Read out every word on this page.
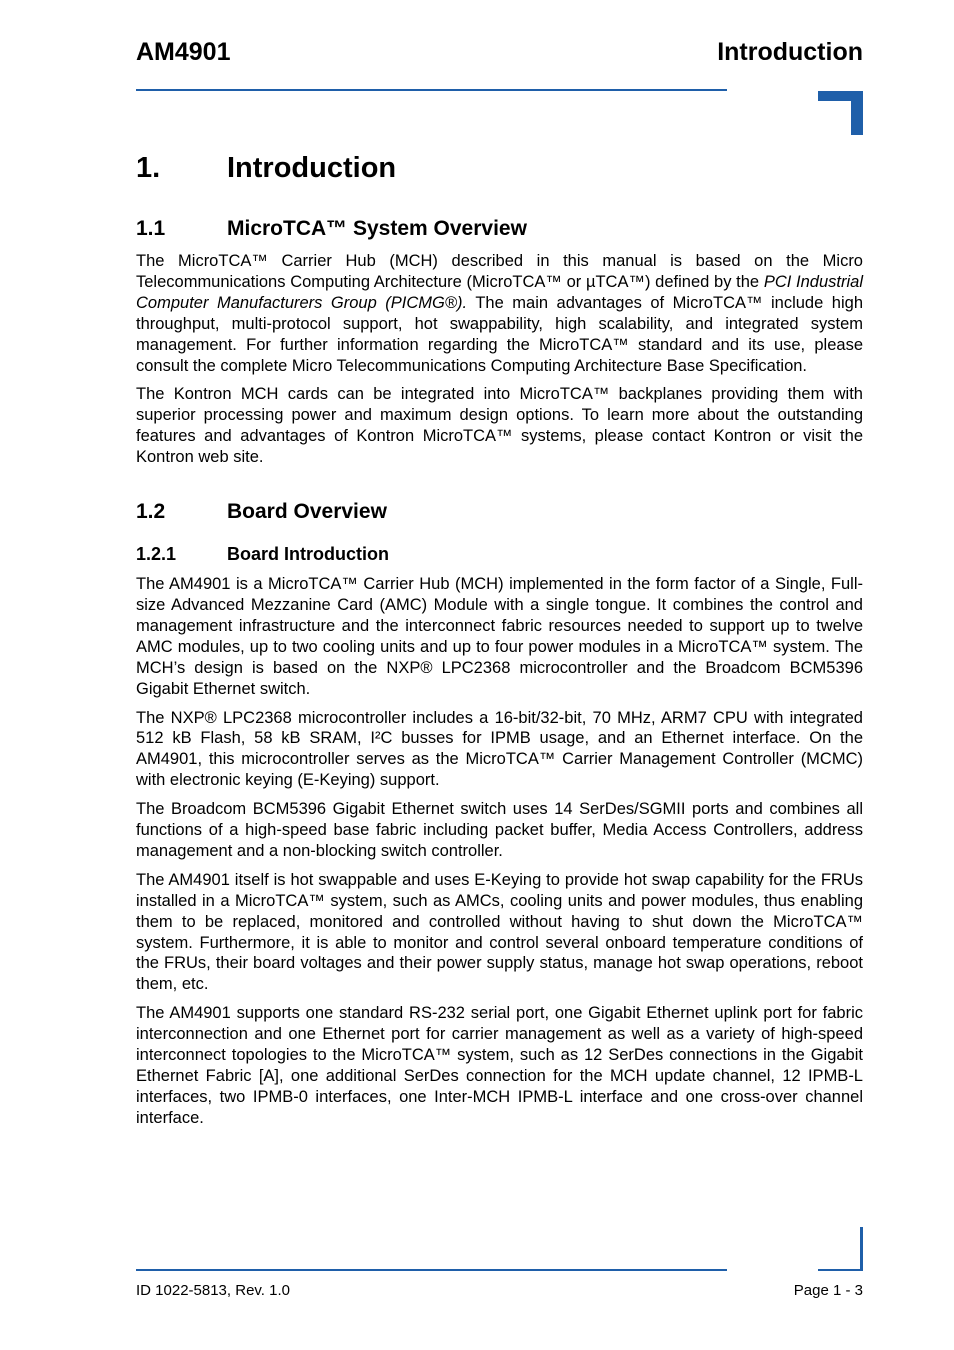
AM4901	Introduction
1.	Introduction
1.1	MicroTCA™ System Overview

The MicroTCA™ Carrier Hub (MCH) described in this manual is based on the Micro Telecommunications Computing Architecture (MicroTCA™ or µTCA™) defined by the PCI Industrial Computer Manufacturers Group (PICMG®). The main advantages of MicroTCA™ include high throughput, multi-protocol support, hot swappability, high scalability, and integrated system management. For further information regarding the MicroTCA™ standard and its use, please consult the complete Micro Telecommunications Computing Architecture Base Specification.

The Kontron MCH cards can be integrated into MicroTCA™ backplanes providing them with superior processing power and maximum design options. To learn more about the outstanding features and advantages of Kontron MicroTCA™ systems, please contact Kontron or visit the Kontron web site.

1.2	Board Overview
1.2.1	Board Introduction

The AM4901 is a MicroTCA™ Carrier Hub (MCH) implemented in the form factor of a Single, Full-size Advanced Mezzanine Card (AMC) Module with a single tongue. It combines the control and management infrastructure and the interconnect fabric resources needed to support up to twelve AMC modules, up to two cooling units and up to four power modules in a MicroTCA™ system. The MCH’s design is based on the NXP® LPC2368 microcontroller and the Broadcom BCM5396 Gigabit Ethernet switch.

The NXP® LPC2368 microcontroller includes a 16-bit/32-bit, 70 MHz, ARM7 CPU with integrated 512 kB Flash, 58 kB SRAM, I²C busses for IPMB usage, and an Ethernet interface. On the AM4901, this microcontroller serves as the MicroTCA™ Carrier Management Controller (MCMC) with electronic keying (E-Keying) support.

The Broadcom BCM5396 Gigabit Ethernet switch uses 14 SerDes/SGMII ports and combines all functions of a high-speed base fabric including packet buffer, Media Access Controllers, address management and a non-blocking switch controller.

The AM4901 itself is hot swappable and uses E-Keying to provide hot swap capability for the FRUs installed in a MicroTCA™ system, such as AMCs, cooling units and power modules, thus enabling them to be replaced, monitored and controlled without having to shut down the MicroTCA™ system. Furthermore, it is able to monitor and control several onboard temperature conditions of the FRUs, their board voltages and their power supply status, manage hot swap operations, reboot them, etc.

The AM4901 supports one standard RS-232 serial port, one Gigabit Ethernet uplink port for fabric interconnection and one Ethernet port for carrier management as well as a variety of high-speed interconnect topologies to the MicroTCA™ system, such as 12 SerDes connections in the Gigabit Ethernet Fabric [A], one additional SerDes connection for the MCH update channel, 12 IPMB-L interfaces, two IPMB-0 interfaces, one Inter-MCH IPMB-L interface and one cross-over channel interface.

ID 1022-5813, Rev. 1.0	Page 1 - 3
